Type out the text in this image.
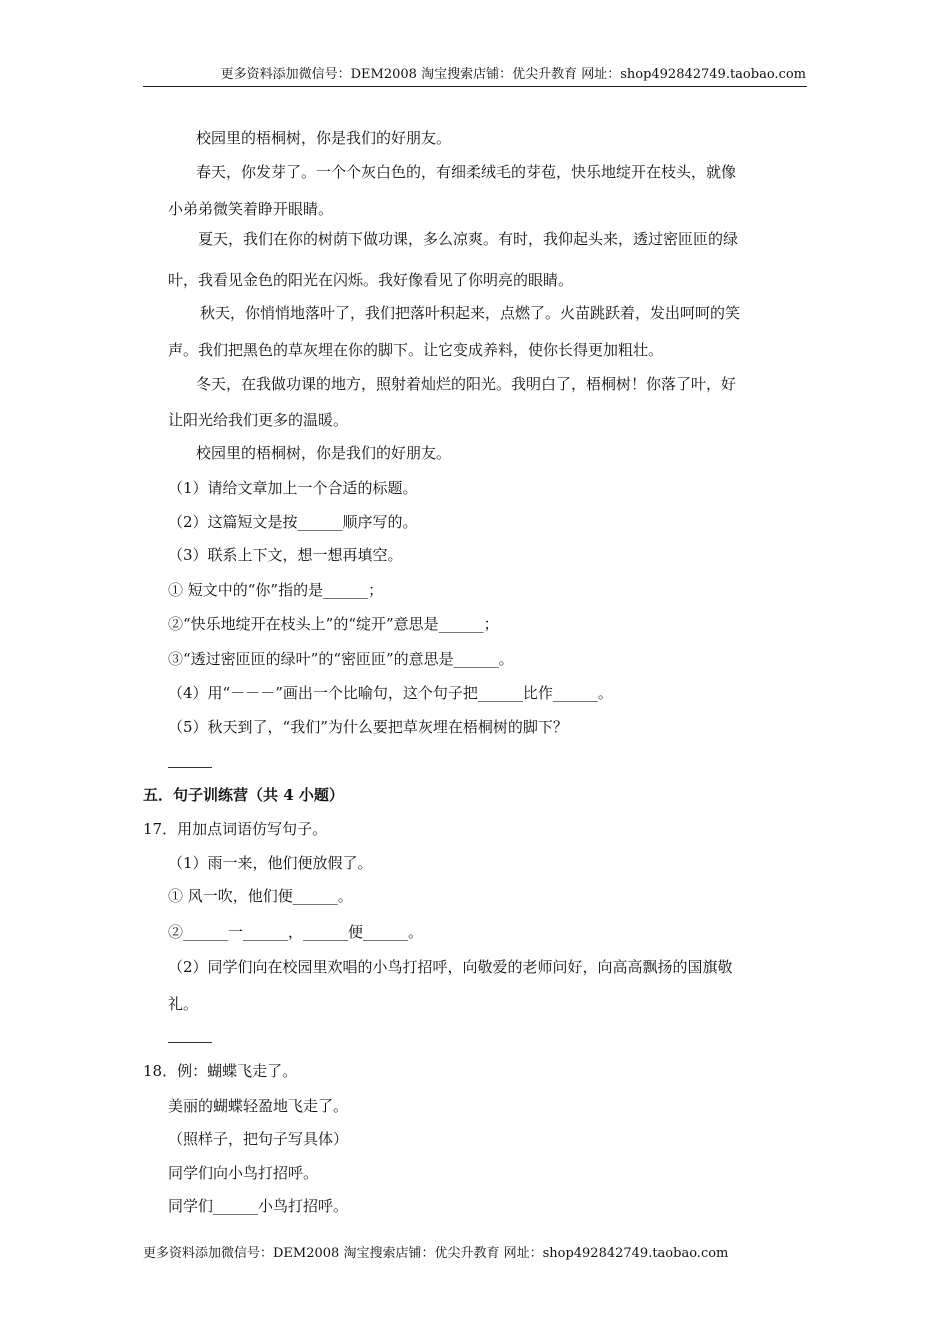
更多资料添加微信号：DEM2008 淘宝搜索店铺：优尖升教育 网址：shop492842749.taobao.com
校园里的梧桐树，你是我们的好朋友。
春天，你发芽了。一个个灰白色的，有细柔绒毛的芽苞，快乐地绽开在枝头，就像
小弟弟微笑着睁开眼睛。
夏天，我们在你的树荫下做功课，多么凉爽。有时，我仰起头来，透过密匝匝的绿
叶，我看见金色的阳光在闪烁。我好像看见了你明亮的眼睛。
秋天，你悄悄地落叶了，我们把落叶积起来，点燃了。火苗跳跃着，发出呵呵的笑
声。我们把黑色的草灰埋在你的脚下。让它变成养料，使你长得更加粗壮。
冬天，在我做功课的地方，照射着灿烂的阳光。我明白了，梧桐树！你落了叶，好
让阳光给我们更多的温暖。
校园里的梧桐树，你是我们的好朋友。
（1）请给文章加上一个合适的标题。
（2）这篇短文是按______顺序写的。
（3）联系上下文，想一想再填空。
① 短文中的“你”指的是______；
②“快乐地绽开在枝头上”的“绽开”意思是______；
③“透过密匝匝的绿叶”的“密匝匝”的意思是______。
（4）用“－－－”画出一个比喻句，这个句子把______比作______。
（5）秋天到了，“我们”为什么要把草灰埋在梧桐树的脚下？
五．句子训练营（共 4 小题）
17．用加点词语仿写句子。
（1）雨一来，他们便放假了。
① 风一吹，他们便______。
②______一______，______便______。
（2）同学们向在校园里欢唱的小鸟打招呼，向敬爱的老师问好，向高高飘扬的国旗敬
礼。
18．例：蝴蝶飞走了。
美丽的蝴蝶轻盈地飞走了。
（照样子，把句子写具体）
同学们向小鸟打招呼。
同学们______小鸟打招呼。
更多资料添加微信号：DEM2008 淘宝搜索店铺：优尖升教育 网址：shop492842749.taobao.com
